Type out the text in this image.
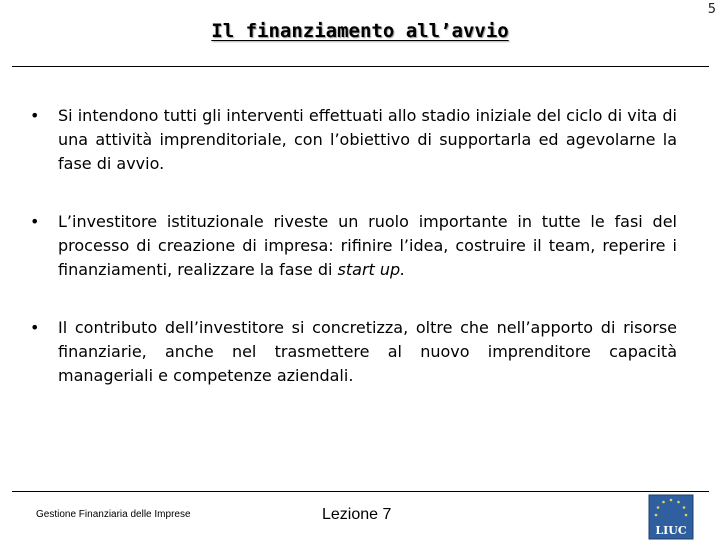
5
Il finanziamento all’avvio
• Si intendono tutti gli interventi effettuati allo stadio iniziale del ciclo di vita di una attività imprenditoriale, con l’obiettivo di supportarla ed agevolarne la fase di avvio.
• L’investitore istituzionale riveste un ruolo importante in tutte le fasi del processo di creazione di impresa: rifinire l’idea, costruire il team, reperire i finanziamenti, realizzare la fase di start up.
• Il contributo dell’investitore si concretizza, oltre che nell’apporto di risorse finanziarie, anche nel trasmettere al nuovo imprenditore capacità manageriali e competenze aziendali.
Gestione Finanziaria delle Imprese	Lezione 7
LIUC
